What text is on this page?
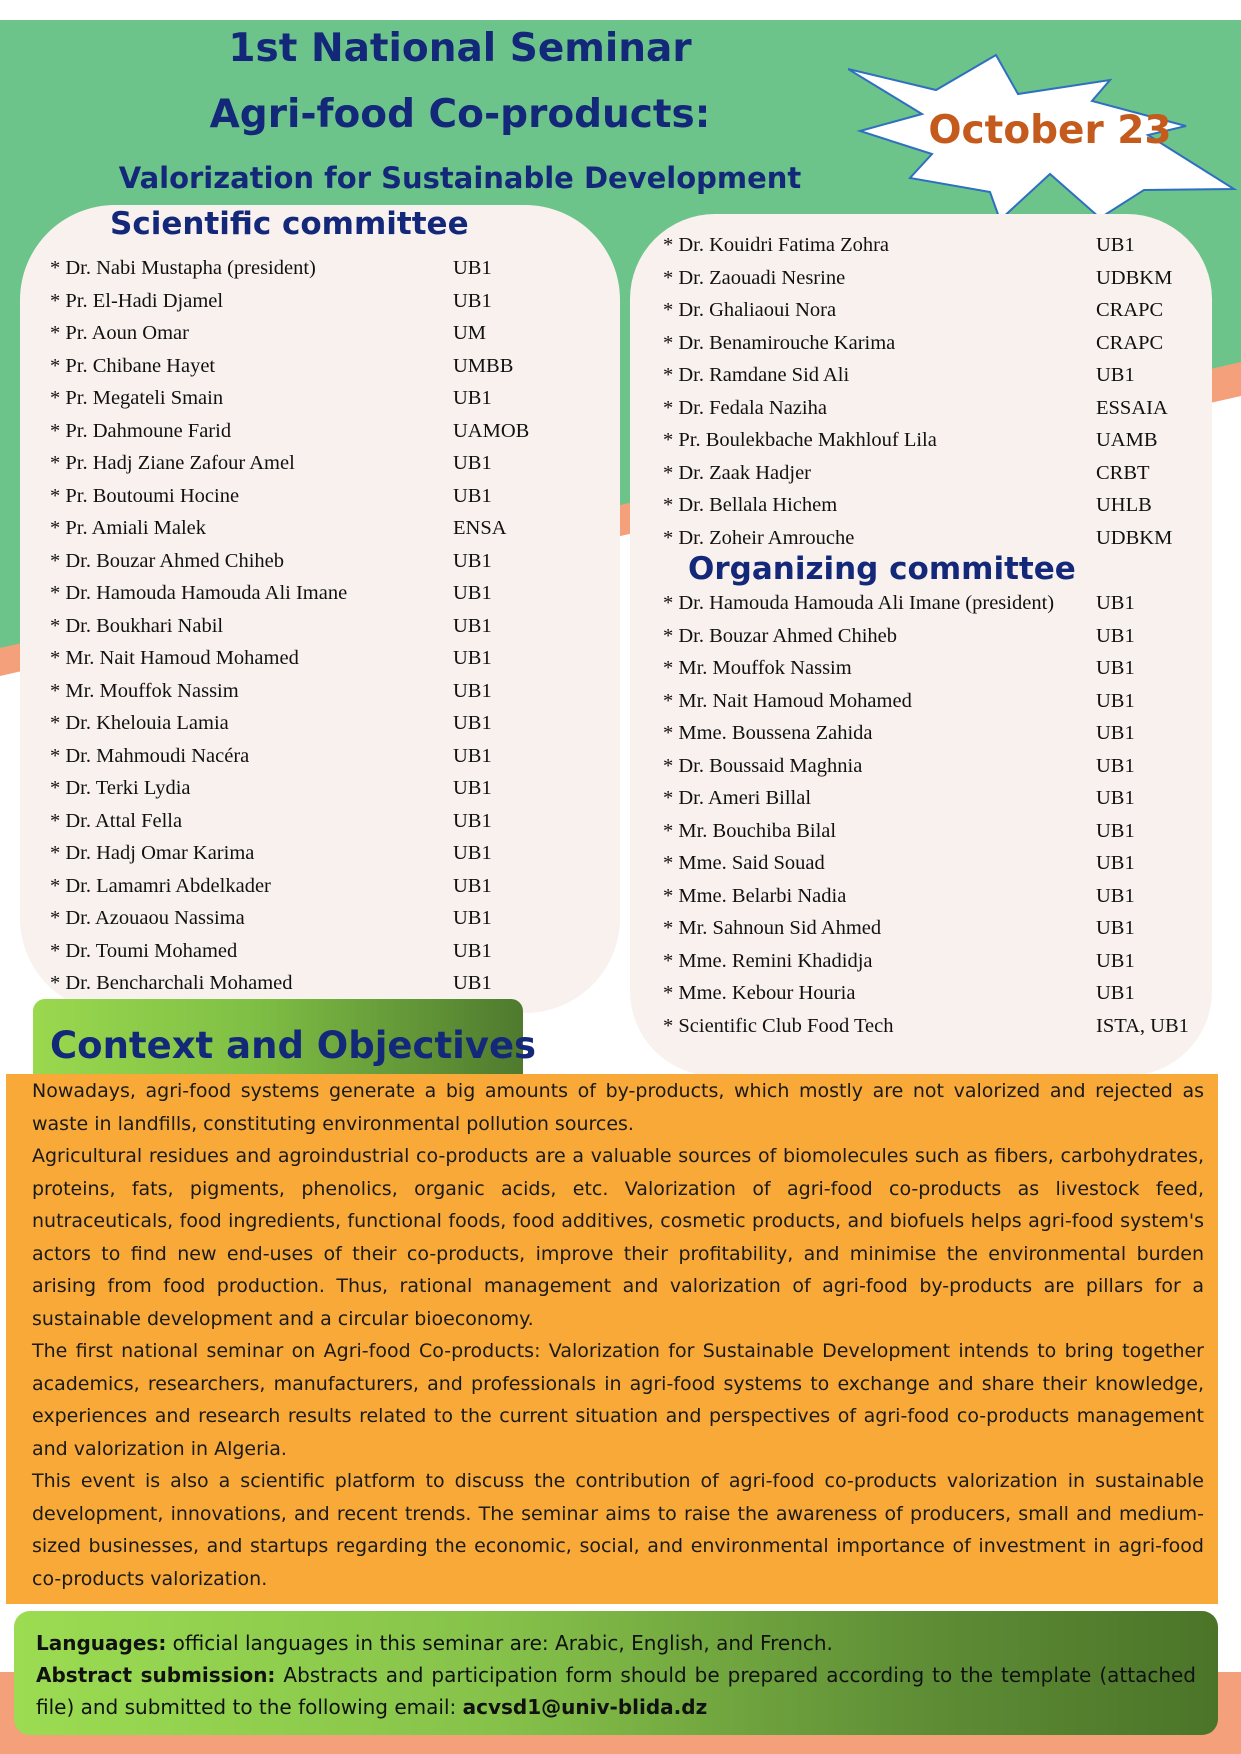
1st National Seminar
Agri-food Co-products:
Valorization for Sustainable Development
October 23
Scientific committee
* Dr. Nabi Mustapha (president)	UB1
* Pr. El-Hadi Djamel	UB1
* Pr. Aoun Omar	UM
* Pr. Chibane Hayet	UMBB
* Pr. Megateli Smain	UB1
* Pr. Dahmoune Farid	UAMOB
* Pr. Hadj Ziane Zafour Amel	UB1
* Pr. Boutoumi Hocine	UB1
* Pr. Amiali Malek	ENSA
* Dr. Bouzar Ahmed Chiheb	UB1
* Dr. Hamouda Hamouda Ali Imane	UB1
* Dr. Boukhari Nabil	UB1
* Mr. Nait Hamoud Mohamed	UB1
* Mr. Mouffok Nassim	UB1
* Dr. Khelouia Lamia	UB1
* Dr. Mahmoudi Nacéra	UB1
* Dr. Terki Lydia	UB1
* Dr. Attal Fella	UB1
* Dr. Hadj Omar Karima	UB1
* Dr. Lamamri Abdelkader	UB1
* Dr. Azouaou Nassima	UB1
* Dr. Toumi Mohamed	UB1
* Dr. Bencharchali Mohamed	UB1
* Dr. Kouidri Fatima Zohra	UB1
* Dr. Zaouadi Nesrine	UDBKM
* Dr. Ghaliaoui Nora	CRAPC
* Dr. Benamirouche Karima	CRAPC
* Dr. Ramdane Sid Ali	UB1
* Dr. Fedala Naziha	ESSAIA
* Pr. Boulekbache Makhlouf Lila	UAMB
* Dr. Zaak Hadjer	CRBT
* Dr. Bellala Hichem	UHLB
* Dr. Zoheir Amrouche	UDBKM
Organizing committee
* Dr. Hamouda Hamouda Ali Imane (president) UB1
* Dr. Bouzar Ahmed Chiheb	UB1
* Mr. Mouffok Nassim	UB1
* Mr. Nait Hamoud Mohamed	UB1
* Mme. Boussena Zahida	UB1
* Dr. Boussaid Maghnia	UB1
* Dr. Ameri Billal	UB1
* Mr. Bouchiba Bilal	UB1
* Mme. Said Souad	UB1
* Mme. Belarbi Nadia	UB1
* Mr. Sahnoun Sid Ahmed	UB1
* Mme. Remini Khadidja	UB1
* Mme. Kebour Houria	UB1
* Scientific Club Food Tech	ISTA, UB1
Context and Objectives

Nowadays, agri-food systems generate a big amounts of by-products, which mostly are not valorized and rejected as waste in landfills, constituting environmental pollution sources.

Agricultural residues and agroindustrial co-products are a valuable sources of biomolecules such as fibers, carbohydrates, proteins, fats, pigments, phenolics, organic acids, etc. Valorization of agri-food co-products as livestock feed, nutraceuticals, food ingredients, functional foods, food additives, cosmetic products, and biofuels helps agri-food system's actors to find new end-uses of their co-products, improve their profitability, and minimise the environmental burden arising from food production. Thus, rational management and valorization of agri-food by-products are pillars for a sustainable development and a circular bioeconomy.

The first national seminar on Agri-food Co-products: Valorization for Sustainable Development intends to bring together academics, researchers, manufacturers, and professionals in agri-food systems to exchange and share their knowledge, experiences and research results related to the current situation and perspectives of agri-food co-products management and valorization in Algeria.

This event is also a scientific platform to discuss the contribution of agri-food co-products valorization in sustainable development, innovations, and recent trends. The seminar aims to raise the awareness of producers, small and medium-sized businesses, and startups regarding the economic, social, and environmental importance of investment in agri-food co-products valorization.

Languages: official languages in this seminar are: Arabic, English, and French.

Abstract submission: Abstracts and participation form should be prepared according to the template (attached file) and submitted to the following email: acvsd1@univ-blida.dz
